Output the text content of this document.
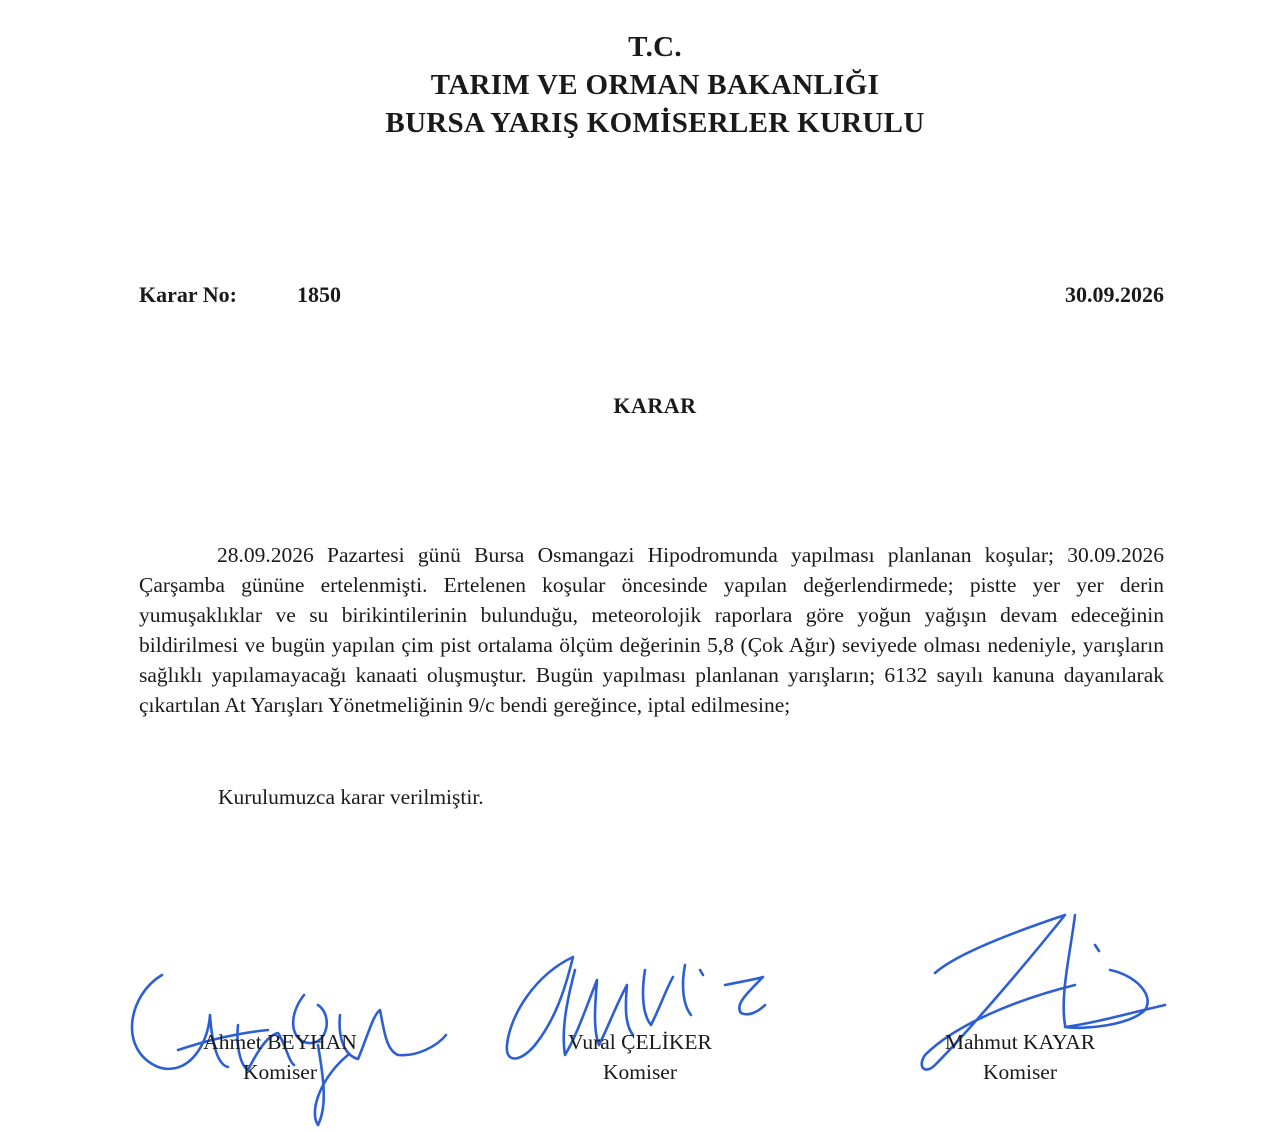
T.C.
TARIM VE ORMAN BAKANLIĞI
BURSA YARIŞ KOMİSERLER KURULU
Karar No:	1850	30.09.2026
KARAR

28.09.2026 Pazartesi günü Bursa Osmangazi Hipodromunda yapılması planlanan koşular; 30.09.2026 Çarşamba gününe ertelenmişti. Ertelenen koşular öncesinde yapılan değerlendirmede; pistte yer yer derin yumuşaklıklar ve su birikintilerinin bulunduğu, meteorolojik raporlara göre yoğun yağışın devam edeceğinin bildirilmesi ve bugün yapılan çim pist ortalama ölçüm değerinin 5,8 (Çok Ağır) seviyede olması nedeniyle, yarışların sağlıklı yapılamayacağı kanaati oluşmuştur. Bugün yapılması planlanan yarışların; 6132 sayılı kanuna dayanılarak çıkartılan At Yarışları Yönetmeliğinin 9/c bendi gereğince, iptal edilmesine;

Kurulumuzca karar verilmiştir.

Ahmet BEYHAN
Komiser
Vural ÇELİKER
Komiser
Mahmut KAYAR
Komiser
